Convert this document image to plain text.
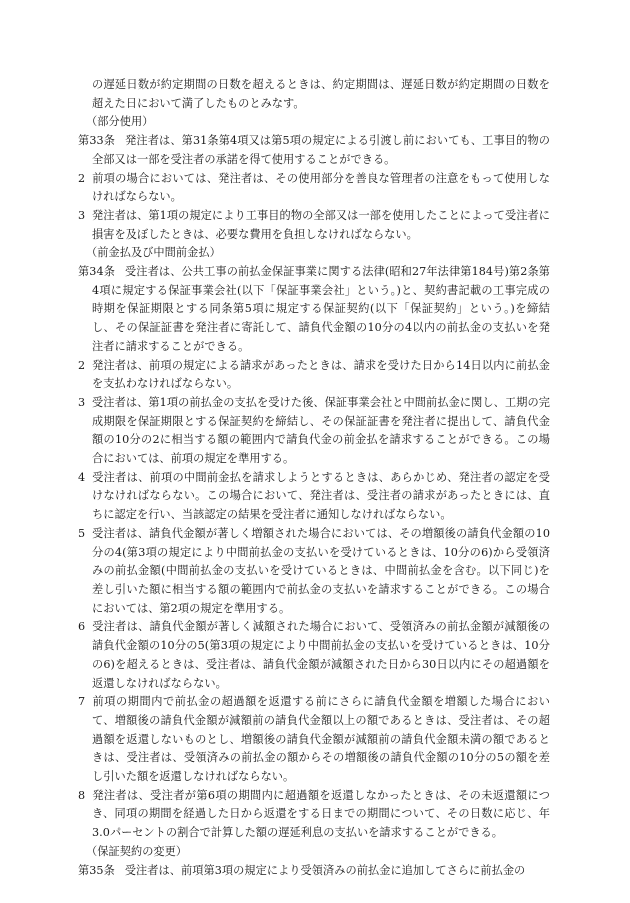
の遅延日数が約定期間の日数を超えるときは、約定期間は、遅延日数が約定期間の日数を超えた日において満了したものとみなす。

（部分使用）

第33条 発注者は、第31条第4項又は第5項の規定による引渡し前においても、工事目的物の全部又は一部を受注者の承諾を得て使用することができる。

2 前項の場合においては、発注者は、その使用部分を善良な管理者の注意をもって使用しなければならない。

3 発注者は、第1項の規定により工事目的物の全部又は一部を使用したことによって受注者に損害を及ぼしたときは、必要な費用を負担しなければならない。

（前金払及び中間前金払）

第34条 受注者は、公共工事の前払金保証事業に関する法律(昭和27年法律第184号)第2条第4項に規定する保証事業会社(以下「保証事業会社」という。)と、契約書記載の工事完成の時期を保証期限とする同条第5項に規定する保証契約(以下「保証契約」という。)を締結し、その保証証書を発注者に寄託して、請負代金額の10分の4以内の前払金の支払いを発注者に請求することができる。

2 発注者は、前項の規定による請求があったときは、請求を受けた日から14日以内に前払金を支払わなければならない。

3 受注者は、第1項の前払金の支払を受けた後、保証事業会社と中間前払金に関し、工期の完成期限を保証期限とする保証契約を締結し、その保証証書を発注者に提出して、請負代金額の10分の2に相当する額の範囲内で請負代金の前金払を請求することができる。この場合においては、前項の規定を準用する。

4 受注者は、前項の中間前金払を請求しようとするときは、あらかじめ、発注者の認定を受けなければならない。この場合において、発注者は、受注者の請求があったときには、直ちに認定を行い、当該認定の結果を受注者に通知しなければならない。

5 受注者は、請負代金額が著しく増額された場合においては、その増額後の請負代金額の10分の4(第3項の規定により中間前払金の支払いを受けているときは、10分の6)から受領済みの前払金額(中間前払金の支払いを受けているときは、中間前払金を含む。以下同じ)を差し引いた額に相当する額の範囲内で前払金の支払いを請求することができる。この場合においては、第2項の規定を準用する。

6 受注者は、請負代金額が著しく減額された場合において、受領済みの前払金額が減額後の請負代金額の10分の5(第3項の規定により中間前払金の支払いを受けているときは、10分の6)を超えるときは、受注者は、請負代金額が減額された日から30日以内にその超過額を返還しなければならない。

7 前項の期間内で前払金の超過額を返還する前にさらに請負代金額を増額した場合において、増額後の請負代金額が減額前の請負代金額以上の額であるときは、受注者は、その超過額を返還しないものとし、増額後の請負代金額が減額前の請負代金額未満の額であるときは、受注者は、受領済みの前払金の額からその増額後の請負代金額の10分の5の額を差し引いた額を返還しなければならない。

8 発注者は、受注者が第6項の期間内に超過額を返還しなかったときは、その未返還額につき、同項の期間を経過した日から返還をする日までの期間について、その日数に応じ、年3.0パーセントの割合で計算した額の遅延利息の支払いを請求することができる。

（保証契約の変更）

第35条 受注者は、前項第3項の規定により受領済みの前払金に追加してさらに前払金の
